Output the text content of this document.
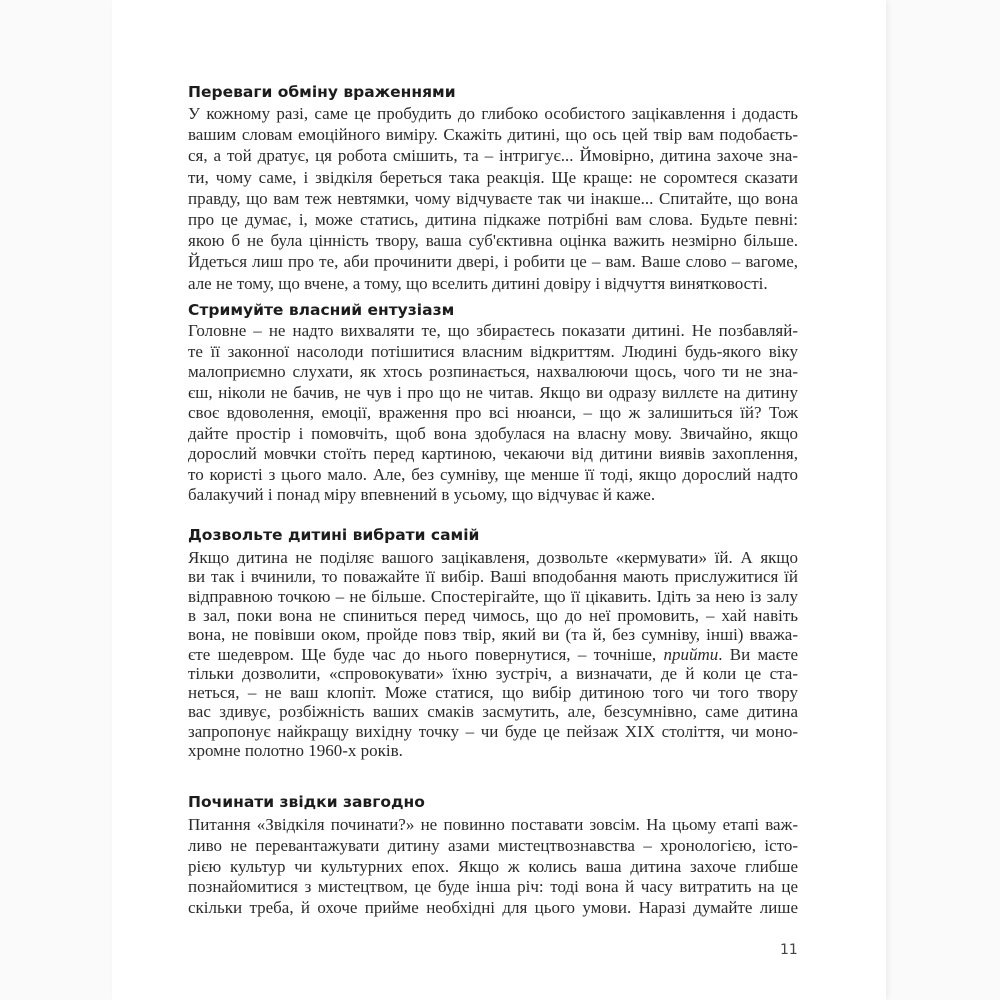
Переваги обміну враженнями
У кожному разі, саме це пробудить до глибоко особистого зацікавлення і додасть
вашим словам емоційного виміру. Скажіть дитині, що ось цей твір вам подобаєть-
ся, а той дратує, ця робота смішить, та – інтригує... Ймовірно, дитина захоче зна-
ти, чому саме, і звідкіля береться така реакція. Ще краще: не соромтеся сказати
правду, що вам теж невтямки, чому відчуваєте так чи інакше... Спитайте, що вона
про це думає, і, може статись, дитина підкаже потрібні вам слова. Будьте певні:
якою б не була цінність твору, ваша суб'єктивна оцінка важить незмірно більше.
Йдеться лиш про те, аби прочинити двері, і робити це – вам. Ваше слово – вагоме,
але не тому, що вчене, а тому, що вселить дитині довіру і відчуття винятковості.
Стримуйте власний ентузіазм
Головне – не надто вихваляти те, що збираєтесь показати дитині. Не позбавляй-
те її законної насолоди потішитися власним відкриттям. Людині будь-якого віку
малоприємно слухати, як хтось розпинається, нахвалюючи щось, чого ти не зна-
єш, ніколи не бачив, не чув і про що не читав. Якщо ви одразу виллєте на дитину
своє вдоволення, емоції, враження про всі нюанси, – що ж залишиться їй? Тож
дайте простір і помовчіть, щоб вона здобулася на власну мову. Звичайно, якщо
дорослий мовчки стоїть перед картиною, чекаючи від дитини виявів захоплення,
то користі з цього мало. Але, без сумніву, ще менше її тоді, якщо дорослий надто
балакучий і понад міру впевнений в усьому, що відчуває й каже.
Дозвольте дитині вибрати самій
Якщо дитина не поділяє вашого зацікавленя, дозвольте «кермувати» їй. А якщо
ви так і вчинили, то поважайте її вибір. Ваші вподобання мають прислужитися їй
відправною точкою – не більше. Спостерігайте, що її цікавить. Ідіть за нею із залу
в зал, поки вона не спиниться перед чимось, що до неї промовить, – хай навіть
вона, не повівши оком, пройде повз твір, який ви (та й, без сумніву, інші) вважа-
єте шедевром. Ще буде час до нього повернутися, – точніше, прийти. Ви маєте
тільки дозволити, «спровокувати» їхню зустріч, а визначати, де й коли це ста-
неться, – не ваш клопіт. Може статися, що вибір дитиною того чи того твору
вас здивує, розбіжність ваших смаків засмутить, але, безсумнівно, саме дитина
запропонує найкращу вихідну точку – чи буде це пейзаж XIX століття, чи моно-
хромне полотно 1960-х років.
Починати звідки завгодно
Питання «Звідкіля починати?» не повинно поставати зовсім. На цьому етапі важ-
ливо не перевантажувати дитину азами мистецтвознавства – хронологією, істо-
рією культур чи культурних епох. Якщо ж колись ваша дитина захоче глибше
познайомитися з мистецтвом, це буде інша річ: тоді вона й часу витратить на це
скільки треба, й охоче прийме необхідні для цього умови. Наразі думайте лише
11
